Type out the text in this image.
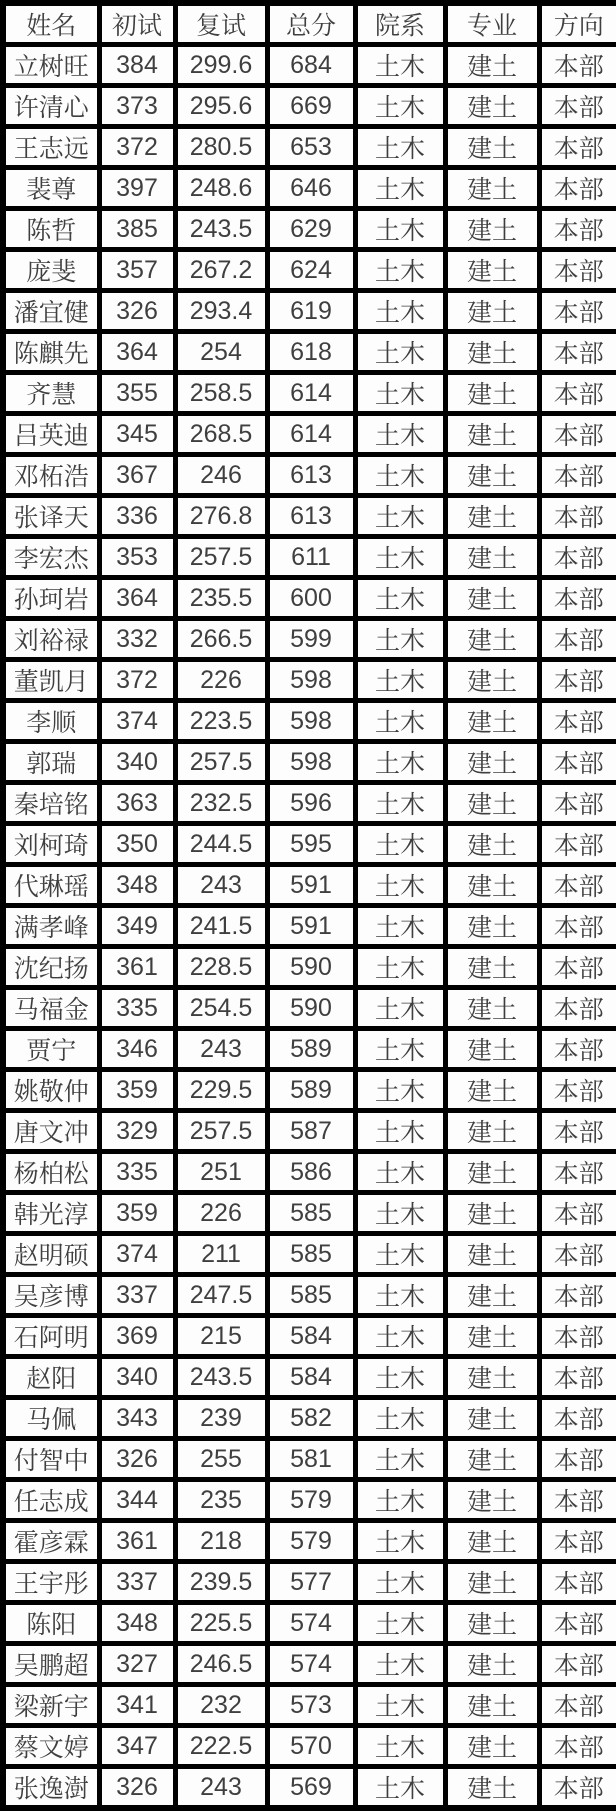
姓名	初试	复试	总分	院系	专业	方向
立树旺	384	299.6	684	土木	建土	本部
许清心	373	295.6	669	土木	建土	本部
王志远	372	280.5	653	土木	建土	本部
裴尊	397	248.6	646	土木	建土	本部
陈哲	385	243.5	629	土木	建土	本部
庞斐	357	267.2	624	土木	建土	本部
潘宜健	326	293.4	619	土木	建土	本部
陈麒先	364	254	618	土木	建土	本部
齐慧	355	258.5	614	土木	建土	本部
吕英迪	345	268.5	614	土木	建土	本部
邓柘浩	367	246	613	土木	建土	本部
张译天	336	276.8	613	土木	建土	本部
李宏杰	353	257.5	611	土木	建土	本部
孙珂岩	364	235.5	600	土木	建土	本部
刘裕禄	332	266.5	599	土木	建土	本部
董凯月	372	226	598	土木	建土	本部
李顺	374	223.5	598	土木	建土	本部
郭瑞	340	257.5	598	土木	建土	本部
秦培铭	363	232.5	596	土木	建土	本部
刘柯琦	350	244.5	595	土木	建土	本部
代琳瑶	348	243	591	土木	建土	本部
满孝峰	349	241.5	591	土木	建土	本部
沈纪扬	361	228.5	590	土木	建土	本部
马福金	335	254.5	590	土木	建土	本部
贾宁	346	243	589	土木	建土	本部
姚敬仲	359	229.5	589	土木	建土	本部
唐文冲	329	257.5	587	土木	建土	本部
杨柏松	335	251	586	土木	建土	本部
韩光淳	359	226	585	土木	建土	本部
赵明硕	374	211	585	土木	建土	本部
吴彦博	337	247.5	585	土木	建土	本部
石阿明	369	215	584	土木	建土	本部
赵阳	340	243.5	584	土木	建土	本部
马佩	343	239	582	土木	建土	本部
付智中	326	255	581	土木	建土	本部
任志成	344	235	579	土木	建土	本部
霍彦霖	361	218	579	土木	建土	本部
王宇彤	337	239.5	577	土木	建土	本部
陈阳	348	225.5	574	土木	建土	本部
吴鹏超	327	246.5	574	土木	建土	本部
梁新宇	341	232	573	土木	建土	本部
蔡文婷	347	222.5	570	土木	建土	本部
张逸澍	326	243	569	土木	建土	本部
